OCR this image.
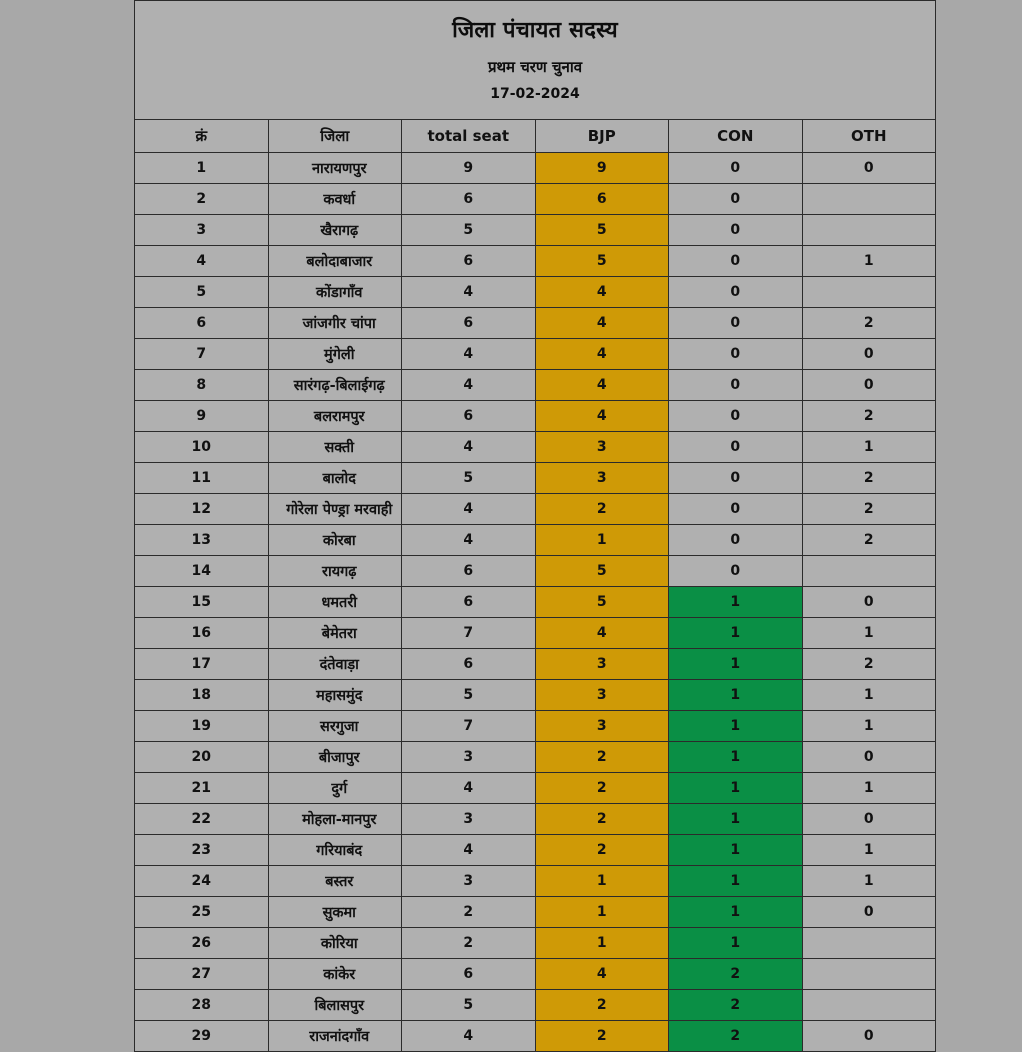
जिला पंचायत सदस्य
प्रथम चरण चुनाव
17-02-2024					

क्रं	जिला	total seat	BJP	CON	OTH
1	नारायणपुर	9	9	0	0
2	कवर्धा	6	6	0	
3	खैरागढ़	5	5	0	
4	बलोदाबाजार	6	5	0	1
5	कोंडागाँव	4	4	0	
6	जांजगीर चांपा	6	4	0	2
7	मुंगेली	4	4	0	0
8	सारंगढ़-बिलाईगढ़	4	4	0	0
9	बलरामपुर	6	4	0	2
10	सक्ती	4	3	0	1
11	बालोद	5	3	0	2
12	गोरेला पेण्ड्रा मरवाही	4	2	0	2
13	कोरबा	4	1	0	2
14	रायगढ़	6	5	0	
15	धमतरी	6	5	1	0
16	बेमेतरा	7	4	1	1
17	दंतेवाड़ा	6	3	1	2
18	महासमुंद	5	3	1	1
19	सरगुजा	7	3	1	1
20	बीजापुर	3	2	1	0
21	दुर्ग	4	2	1	1
22	मोहला-मानपुर	3	2	1	0
23	गरियाबंद	4	2	1	1
24	बस्तर	3	1	1	1
25	सुकमा	2	1	1	0
26	कोरिया	2	1	1	
27	कांकेर	6	4	2	
28	बिलासपुर	5	2	2	
29	राजनांदगाँव	4	2	2	0
